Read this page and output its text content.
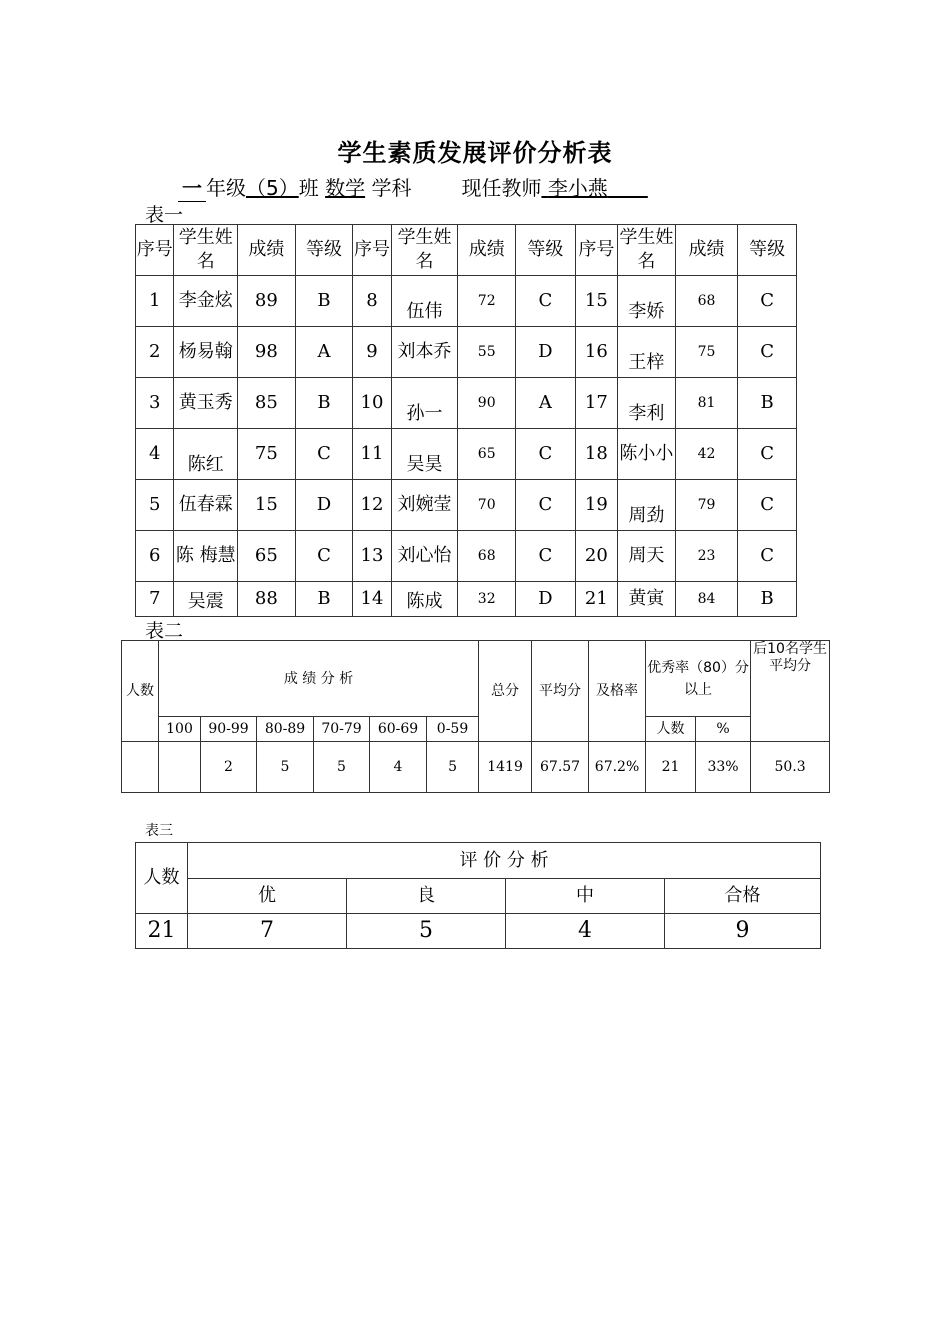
学生素质发展评价分析表
一 年级（5）班 数学 学科   	现任教师 李小燕  
表一
序号	学生姓名	成绩	等级	序号	学生姓名	成绩	等级	序号	学生姓名	成绩	等级
1	李金炫	89	B	8	伍伟	72	C	15	李娇	68	C
2	杨易翰	98	A	9	刘本乔	55	D	16	王梓	75	C
3	黄玉秀	85	B	10	孙一	90	A	17	李利	81	B
4	陈红	75	C	11	吴昊	65	C	18	陈小小	42	C
5	伍春霖	15	D	12	刘婉莹	70	C	19	周劲	79	C
6	陈 梅慧	65	C	13	刘心怡	68	C	20	周天	23	C
7	吴震	88	B	14	陈成	32	D	21	黄寅	84	B
表二
人数	成 绩 分 析						总分	平均分	及格率	优秀率（80）分以上		后10名学生平均分
	100	90-99	80-89	70-79	60-69	0-59				人数	%	
		2	5	5	4	5	1419	67.57	67.2%	21	33%	50.3
表三
人数	评 价 分 析			
	优	良	中	合格
21	7	5	4	9
